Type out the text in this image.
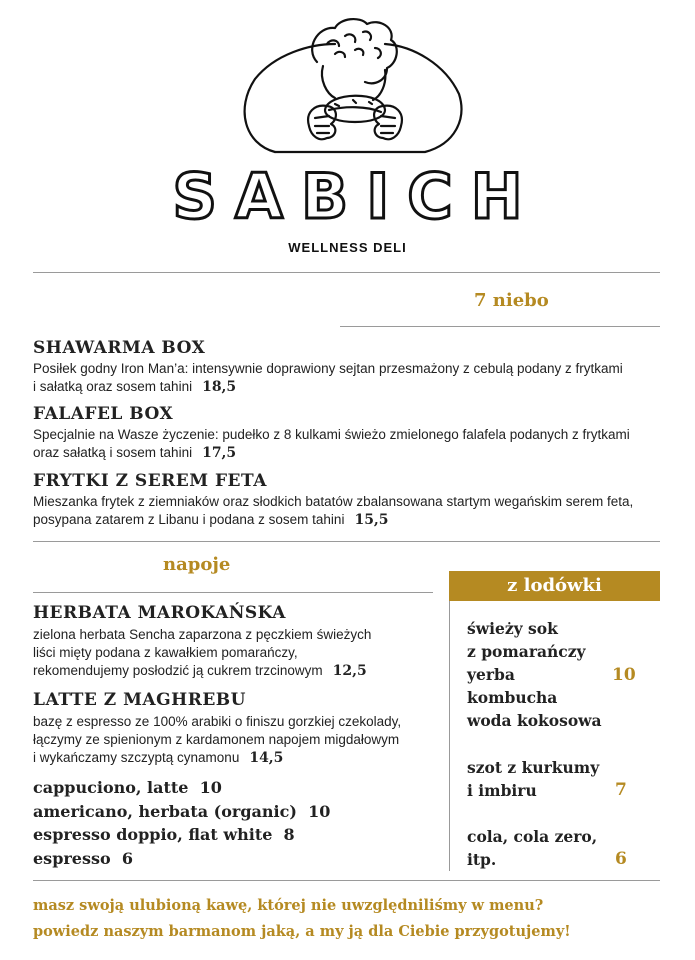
SABICH
WELLNESS DELI
7 niebo
SHAWARMA BOX
Posiłek godny Iron Man’a: intensywnie doprawiony sejtan przesmażony z cebulą podany z frytkami
i sałatką oraz sosem tahini 18,5
FALAFEL BOX
Specjalnie na Wasze życzenie: pudełko z 8 kulkami świeżo zmielonego falafela podanych z frytkami
oraz sałatką i sosem tahini 17,5
FRYTKI Z SEREM FETA
Mieszanka frytek z ziemniaków oraz słodkich batatów zbalansowana startym wegańskim serem feta,
posypana zatarem z Libanu i podana z sosem tahini 15,5
napoje
HERBATA MAROKAŃSKA
zielona herbata Sencha zaparzona z pęczkiem świeżych
liści mięty podana z kawałkiem pomarańczy,
rekomendujemy posłodzić ją cukrem trzcinowym 12,5
LATTE Z MAGHREBU
bazę z espresso ze 100% arabiki o finiszu gorzkiej czekolady,
łączymy ze spienionym z kardamonem napojem migdałowym
i wykańczamy szczyptą cynamonu 14,5
cappuciono, latte 10
americano, herbata (organic) 10
espresso doppio, flat white 8
espresso 6
z lodówki
świeży sok
z pomarańczy
yerba
kombucha
woda kokosowa
10
szot z kurkumy
i imbiru	7
cola, cola zero,
itp.	6
masz swoją ulubioną kawę, której nie uwzględniliśmy w menu?
powiedz naszym barmanom jaką, a my ją dla Ciebie przygotujemy!
